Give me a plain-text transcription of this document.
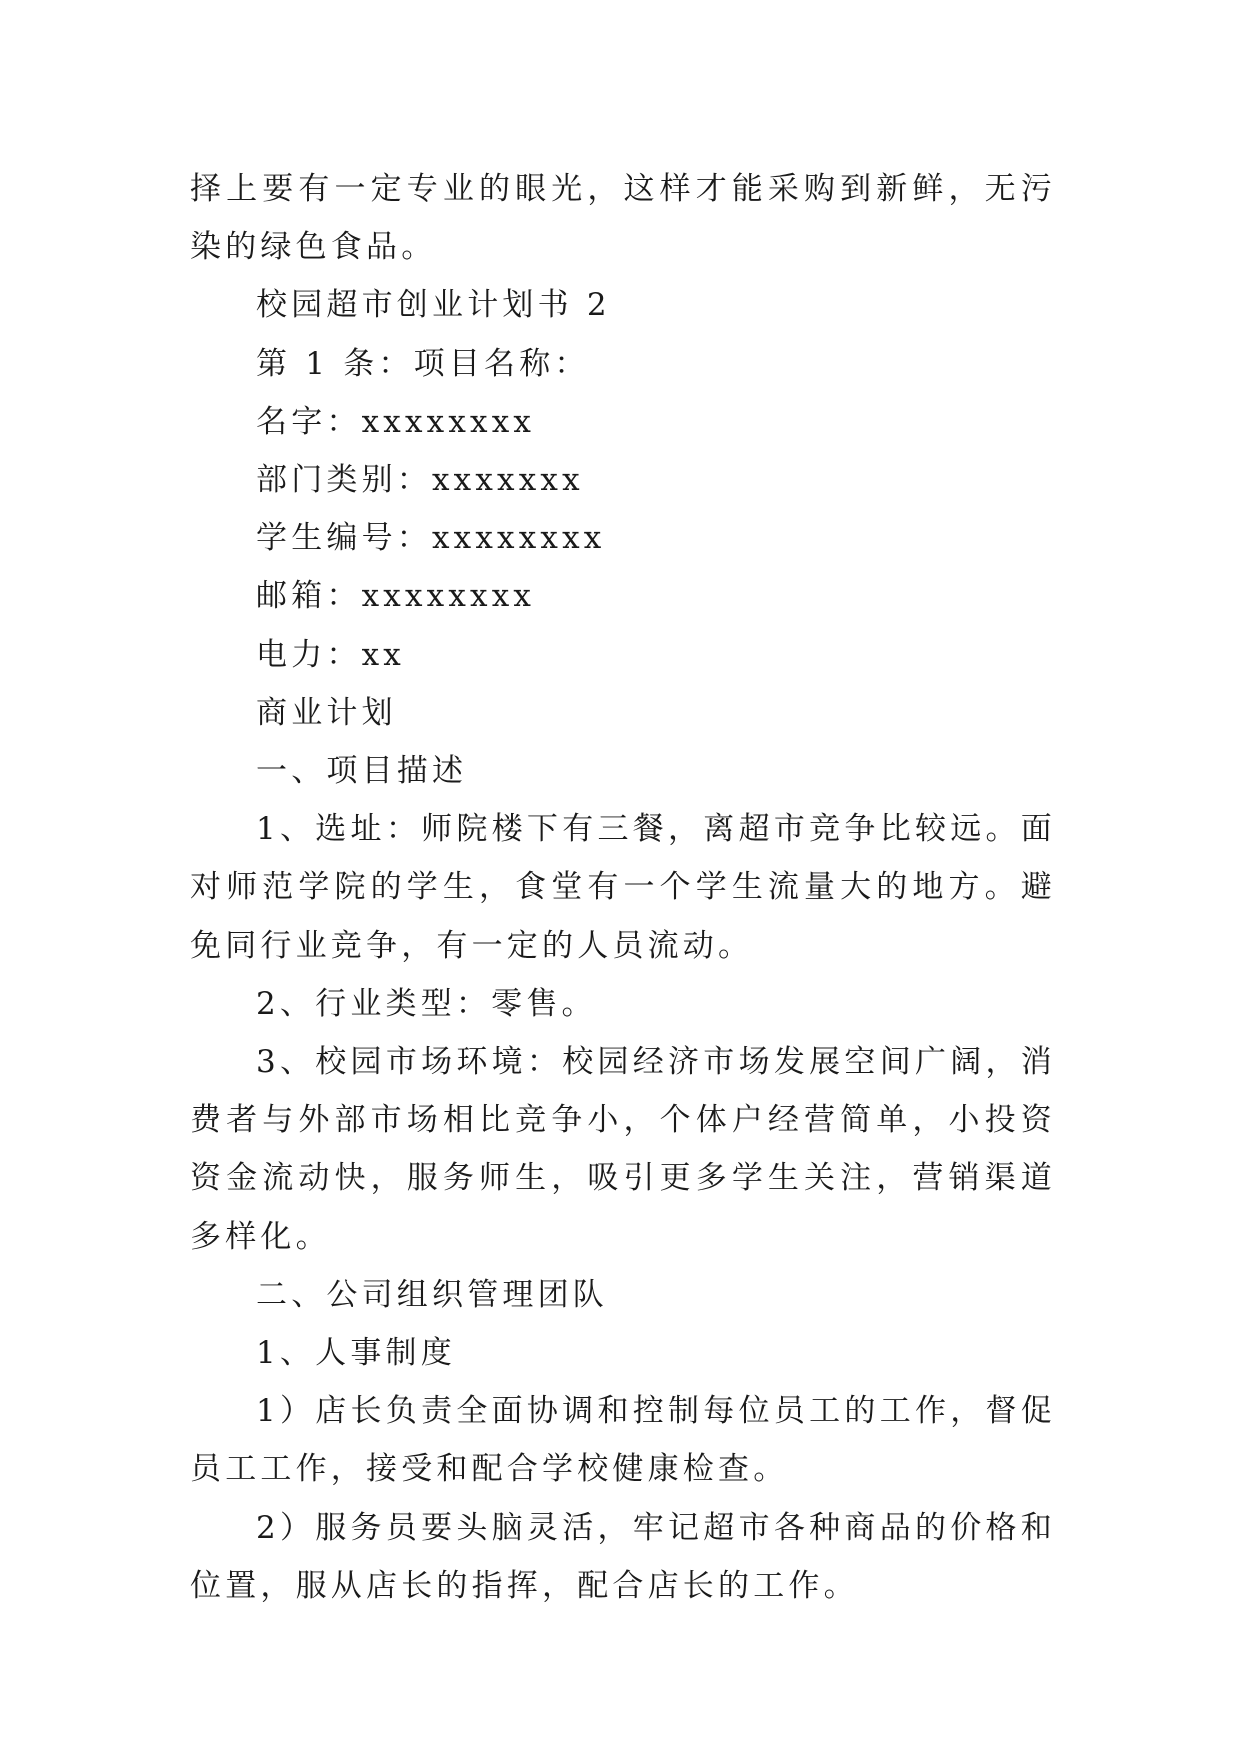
择上要有一定专业的眼光，这样才能采购到新鲜，无污染的绿色食品。

校园超市创业计划书 2

第 1 条：项目名称：

名字：xxxxxxxx

部门类别：xxxxxxx

学生编号：xxxxxxxx

邮箱：xxxxxxxx

电力：xx

商业计划

一、项目描述

1、选址：师院楼下有三餐，离超市竞争比较远。面对师范学院的学生，食堂有一个学生流量大的地方。避免同行业竞争，有一定的人员流动。

2、行业类型：零售。

3、校园市场环境：校园经济市场发展空间广阔，消费者与外部市场相比竞争小，个体户经营简单，小投资资金流动快，服务师生，吸引更多学生关注，营销渠道多样化。

二、公司组织管理团队

1、人事制度

1）店长负责全面协调和控制每位员工的工作，督促员工工作，接受和配合学校健康检查。

2）服务员要头脑灵活，牢记超市各种商品的价格和位置，服从店长的指挥，配合店长的工作。
